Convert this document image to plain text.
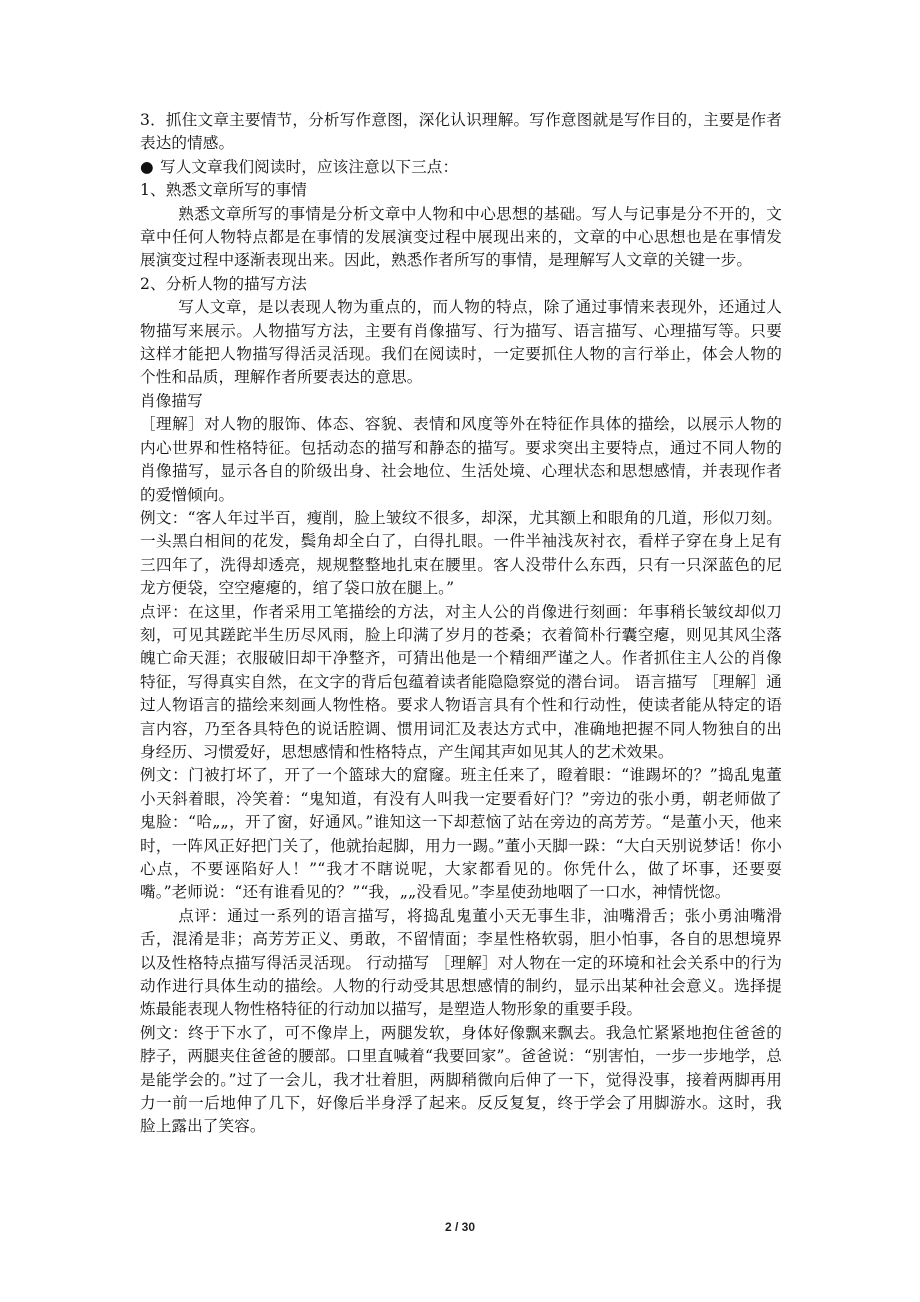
3．抓住文章主要情节，分析写作意图，深化认识理解。写作意图就是写作目的，主要是作者表达的情感。

● 写人文章我们阅读时，应该注意以下三点：

1、熟悉文章所写的事情

熟悉文章所写的事情是分析文章中人物和中心思想的基础。写人与记事是分不开的，文章中任何人物特点都是在事情的发展演变过程中展现出来的，文章的中心思想也是在事情发展演变过程中逐渐表现出来。因此，熟悉作者所写的事情，是理解写人文章的关键一步。

2、分析人物的描写方法

写人文章，是以表现人物为重点的，而人物的特点，除了通过事情来表现外，还通过人物描写来展示。人物描写方法，主要有肖像描写、行为描写、语言描写、心理描写等。只要这样才能把人物描写得活灵活现。我们在阅读时，一定要抓住人物的言行举止，体会人物的个性和品质，理解作者所要表达的意思。

肖像描写

［理解］对人物的服饰、体态、容貌、表情和风度等外在特征作具体的描绘，以展示人物的内心世界和性格特征。包括动态的描写和静态的描写。要求突出主要特点，通过不同人物的肖像描写，显示各自的阶级出身、社会地位、生活处境、心理状态和思想感情，并表现作者的爱憎倾向。

例文：“客人年过半百，瘦削，脸上皱纹不很多，却深，尤其额上和眼角的几道，形似刀刻。一头黑白相间的花发，鬓角却全白了，白得扎眼。一件半袖浅灰衬衣，看样子穿在身上足有三四年了，洗得却透亮，规规整整地扎束在腰里。客人没带什么东西，只有一只深蓝色的尼龙方便袋，空空瘪瘪的，绾了袋口放在腿上。”

点评：在这里，作者采用工笔描绘的方法，对主人公的肖像进行刻画：年事稍长皱纹却似刀刻，可见其蹉跎半生历尽风雨，脸上印满了岁月的苍桑；衣着简朴行囊空瘪，则见其风尘落魄亡命天涯；衣服破旧却干净整齐，可猜出他是一个精细严谨之人。作者抓住主人公的肖像特征，写得真实自然，在文字的背后包蕴着读者能隐隐察觉的潜台词。 语言描写 ［理解］通过人物语言的描绘来刻画人物性格。要求人物语言具有个性和行动性，使读者能从特定的语言内容，乃至各具特色的说话腔调、惯用词汇及表达方式中，准确地把握不同人物独自的出身经历、习惯爱好，思想感情和性格特点，产生闻其声如见其人的艺术效果。

例文：门被打坏了，开了一个篮球大的窟窿。班主任来了，瞪着眼：“谁踢坏的？”捣乱鬼董小天斜着眼，冷笑着：“鬼知道，有没有人叫我一定要看好门？”旁边的张小勇，朝老师做了鬼脸：“哈„„，开了窗，好通风。”谁知这一下却惹恼了站在旁边的高芳芳。“是董小天，他来时，一阵风正好把门关了，他就抬起脚，用力一踢。”董小天脚一跺：“大白天别说梦话！你小心点，不要诬陷好人！”“我才不瞎说呢，大家都看见的。你凭什么，做了坏事，还要耍嘴。”老师说：“还有谁看见的？”“我，„„没看见。”李星使劲地咽了一口水，神情恍惚。

点评：通过一系列的语言描写，将捣乱鬼董小天无事生非，油嘴滑舌；张小勇油嘴滑舌，混淆是非；高芳芳正义、勇敢，不留情面；李星性格软弱，胆小怕事，各自的思想境界以及性格特点描写得活灵活现。 行动描写 ［理解］对人物在一定的环境和社会关系中的行为动作进行具体生动的描绘。人物的行动受其思想感情的制约，显示出某种社会意义。选择提炼最能表现人物性格特征的行动加以描写，是塑造人物形象的重要手段。

例文：终于下水了，可不像岸上，两腿发软，身体好像飘来飘去。我急忙紧紧地抱住爸爸的脖子，两腿夹住爸爸的腰部。口里直喊着“我要回家”。爸爸说：“别害怕，一步一步地学，总是能学会的。”过了一会儿，我才壮着胆，两脚稍微向后伸了一下，觉得没事，接着两脚再用力一前一后地伸了几下，好像后半身浮了起来。反反复复，终于学会了用脚游水。这时，我脸上露出了笑容。

2 / 30
